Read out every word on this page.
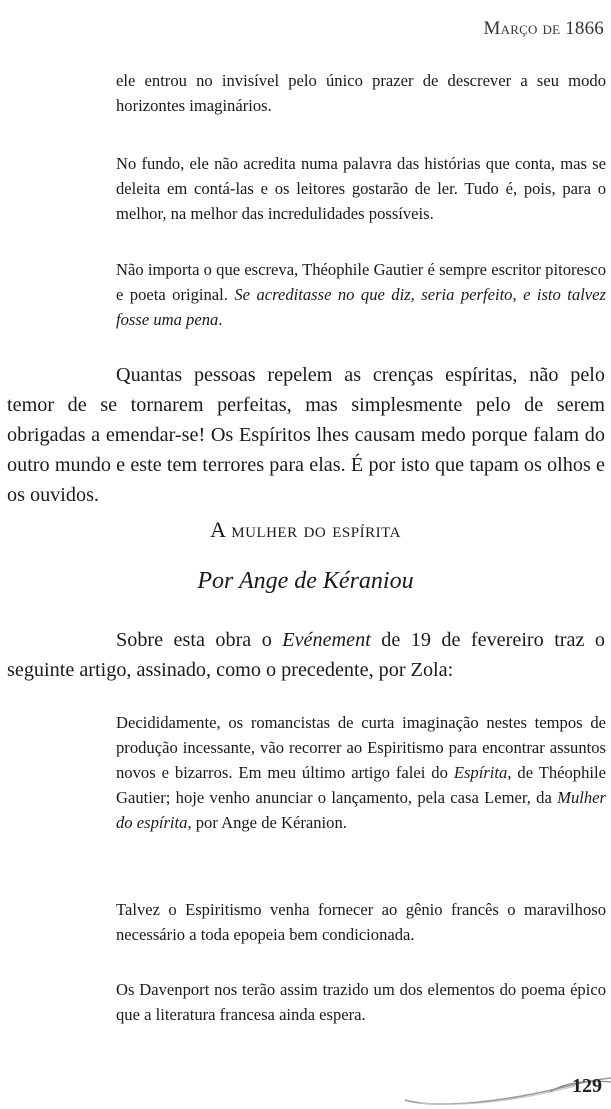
Março de 1866

ele entrou no invisível pelo único prazer de descrever a seu modo horizontes imaginários.

No fundo, ele não acredita numa palavra das histórias que conta, mas se deleita em contá-las e os leitores gostarão de ler. Tudo é, pois, para o melhor, na melhor das incredulidades possíveis.

Não importa o que escreva, Théophile Gautier é sempre escritor pitoresco e poeta original. Se acreditasse no que diz, seria perfeito, e isto talvez fosse uma pena.

Quantas pessoas repelem as crenças espíritas, não pelo temor de se tornarem perfeitas, mas simplesmente pelo de serem obrigadas a emendar-se! Os Espíritos lhes causam medo porque falam do outro mundo e este tem terrores para elas. É por isto que tapam os olhos e os ouvidos.

A mulher do espírita
Por Ange de Kéraniou

Sobre esta obra o Evénement de 19 de fevereiro traz o seguinte artigo, assinado, como o precedente, por Zola:

Decididamente, os romancistas de curta imaginação nestes tempos de produção incessante, vão recorrer ao Espiritismo para encontrar assuntos novos e bizarros. Em meu último artigo falei do Espírita, de Théophile Gautier; hoje venho anunciar o lançamento, pela casa Lemer, da Mulher do espírita, por Ange de Kéranion.

Talvez o Espiritismo venha fornecer ao gênio francês o maravilhoso necessário a toda epopeia bem condicionada.

Os Davenport nos terão assim trazido um dos elementos do poema épico que a literatura francesa ainda espera.

129
